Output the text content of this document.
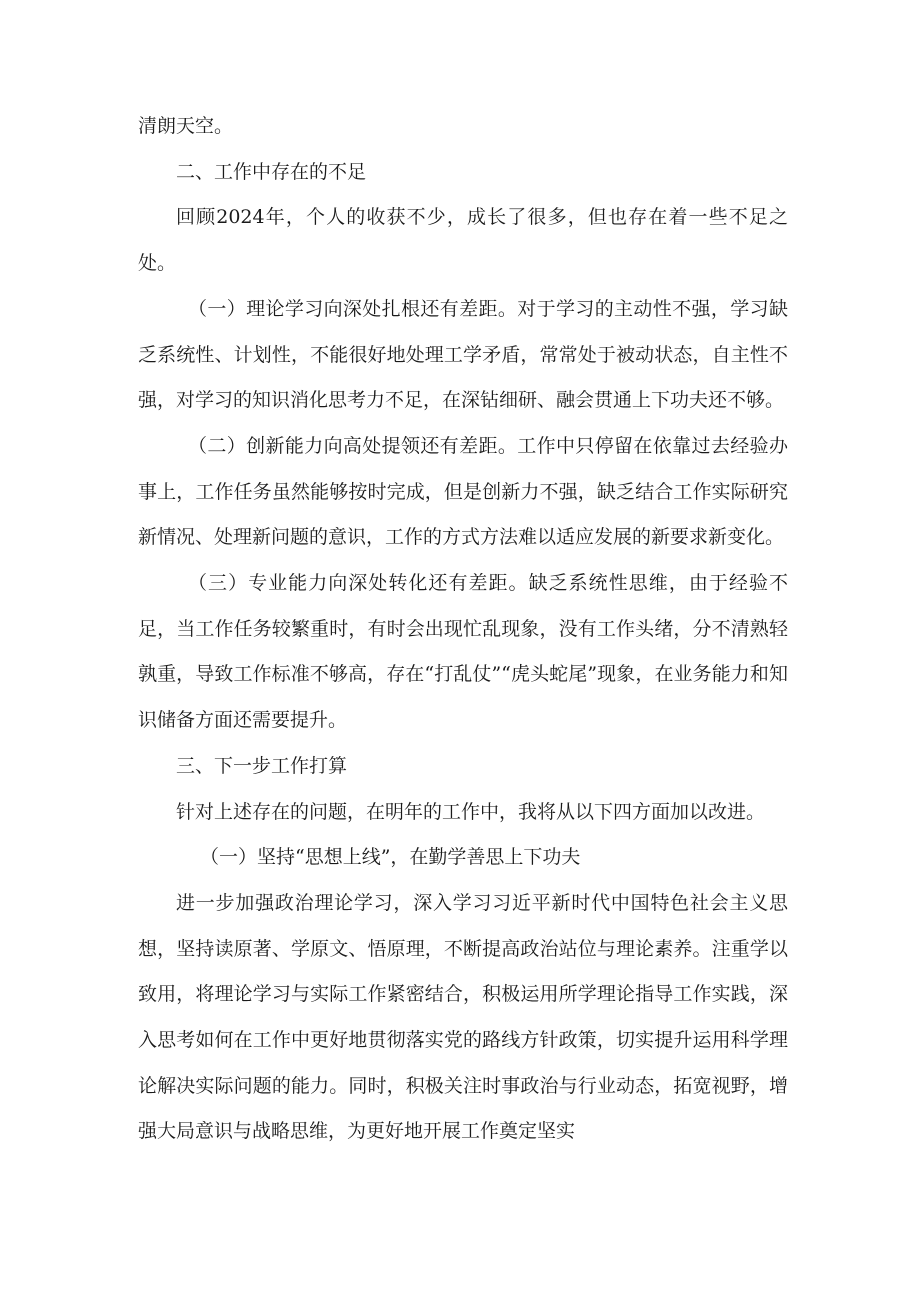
清朗天空。

二、工作中存在的不足

回顾2024年，个人的收获不少，成长了很多，但也存在着一些不足之处。

（一）理论学习向深处扎根还有差距。对于学习的主动性不强，学习缺乏系统性、计划性，不能很好地处理工学矛盾，常常处于被动状态，自主性不强，对学习的知识消化思考力不足，在深钻细研、融会贯通上下功夫还不够。

（二）创新能力向高处提领还有差距。工作中只停留在依靠过去经验办事上，工作任务虽然能够按时完成，但是创新力不强，缺乏结合工作实际研究新情况、处理新问题的意识，工作的方式方法难以适应发展的新要求新变化。

（三）专业能力向深处转化还有差距。缺乏系统性思维，由于经验不足，当工作任务较繁重时，有时会出现忙乱现象，没有工作头绪，分不清熟轻孰重，导致工作标准不够高，存在“打乱仗”“虎头蛇尾”现象，在业务能力和知识储备方面还需要提升。

三、下一步工作打算

针对上述存在的问题，在明年的工作中，我将从以下四方面加以改进。

（一）坚持“思想上线”，在勤学善思上下功夫

进一步加强政治理论学习，深入学习习近平新时代中国特色社会主义思想，坚持读原著、学原文、悟原理，不断提高政治站位与理论素养。注重学以致用，将理论学习与实际工作紧密结合，积极运用所学理论指导工作实践，深入思考如何在工作中更好地贯彻落实党的路线方针政策，切实提升运用科学理论解决实际问题的能力。同时，积极关注时事政治与行业动态，拓宽视野，增强大局意识与战略思维，为更好地开展工作奠定坚实
